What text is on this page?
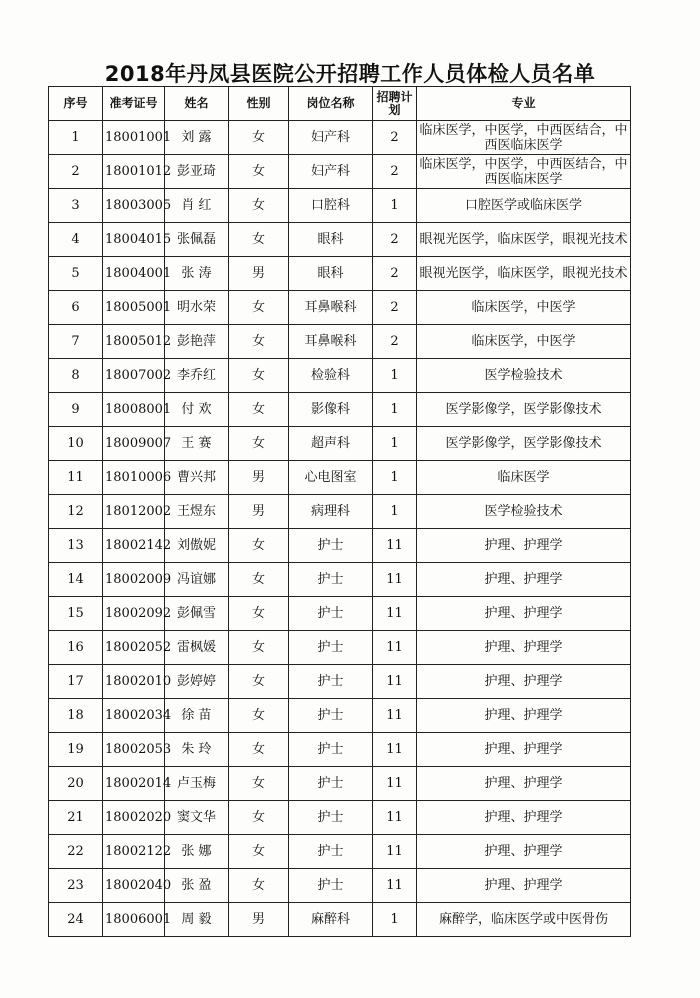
2018年丹凤县医院公开招聘工作人员体检人员名单
序号	准考证号	姓名	性别	岗位名称	招聘计划	专业
1	18001001	刘 露	女	妇产科	2	临床医学，中医学，中西医结合，中西医临床医学
2	18001012	彭亚琦	女	妇产科	2	临床医学，中医学，中西医结合，中西医临床医学
3	18003005	肖 红	女	口腔科	1	口腔医学或临床医学
4	18004015	张佩磊	女	眼科	2	眼视光医学，临床医学，眼视光技术
5	18004001	张 涛	男	眼科	2	眼视光医学，临床医学，眼视光技术
6	18005001	明水荣	女	耳鼻喉科	2	临床医学，中医学
7	18005012	彭艳萍	女	耳鼻喉科	2	临床医学，中医学
8	18007002	李乔红	女	检验科	1	医学检验技术
9	18008001	付 欢	女	影像科	1	医学影像学，医学影像技术
10	18009007	王 赛	女	超声科	1	医学影像学，医学影像技术
11	18010006	曹兴邦	男	心电图室	1	临床医学
12	18012002	王煜东	男	病理科	1	医学检验技术
13	18002142	刘傲妮	女	护士	11	护理、护理学
14	18002009	冯谊娜	女	护士	11	护理、护理学
15	18002092	彭佩雪	女	护士	11	护理、护理学
16	18002052	雷枫媛	女	护士	11	护理、护理学
17	18002010	彭婷婷	女	护士	11	护理、护理学
18	18002034	徐 苗	女	护士	11	护理、护理学
19	18002053	朱 玲	女	护士	11	护理、护理学
20	18002014	卢玉梅	女	护士	11	护理、护理学
21	18002020	窦文华	女	护士	11	护理、护理学
22	18002122	张 娜	女	护士	11	护理、护理学
23	18002040	张 盈	女	护士	11	护理、护理学
24	18006001	周 毅	男	麻醉科	1	麻醉学，临床医学或中医骨伤
